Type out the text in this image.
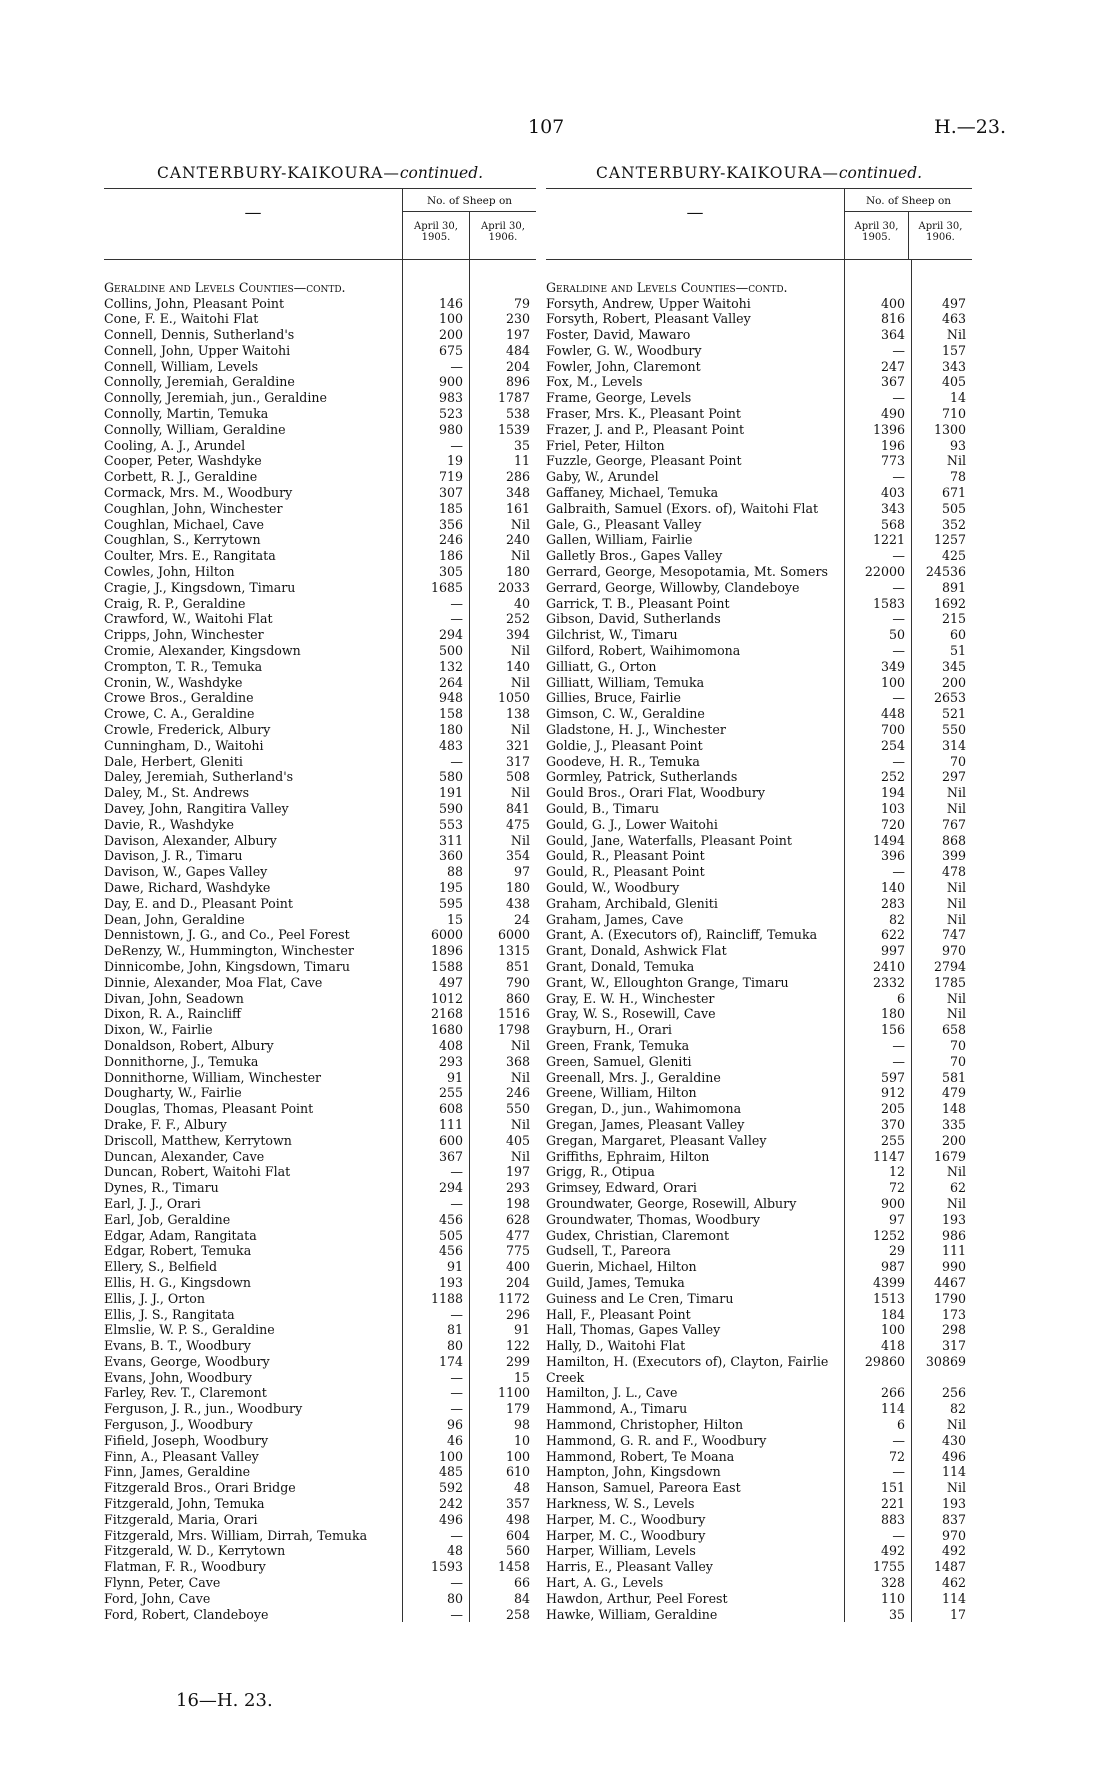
107	H.—23.
CANTERBURY-KAIKOURA—continued.
—
No. of Sheep on
April 30, 1905.
April 30, 1906.
Geraldine and Levels Counties—contd.
Collins, John, Pleasant Point	146	79
Cone, F. E., Waitohi Flat	100	230
Connell, Dennis, Sutherland's	200	197
Connell, John, Upper Waitohi	675	484
Connell, William, Levels	—	204
Connolly, Jeremiah, Geraldine	900	896
Connolly, Jeremiah, jun., Geraldine	983	1787
Connolly, Martin, Temuka	523	538
Connolly, William, Geraldine	980	1539
Cooling, A. J., Arundel	—	35
Cooper, Peter, Washdyke	19	11
Corbett, R. J., Geraldine	719	286
Cormack, Mrs. M., Woodbury	307	348
Coughlan, John, Winchester	185	161
Coughlan, Michael, Cave	356	Nil
Coughlan, S., Kerrytown	246	240
Coulter, Mrs. E., Rangitata	186	Nil
Cowles, John, Hilton	305	180
Cragie, J., Kingsdown, Timaru	1685	2033
Craig, R. P., Geraldine	—	40
Crawford, W., Waitohi Flat	—	252
Cripps, John, Winchester	294	394
Cromie, Alexander, Kingsdown	500	Nil
Crompton, T. R., Temuka	132	140
Cronin, W., Washdyke	264	Nil
Crowe Bros., Geraldine	948	1050
Crowe, C. A., Geraldine	158	138
Crowle, Frederick, Albury	180	Nil
Cunningham, D., Waitohi	483	321
Dale, Herbert, Gleniti	—	317
Daley, Jeremiah, Sutherland's	580	508
Daley, M., St. Andrews	191	Nil
Davey, John, Rangitira Valley	590	841
Davie, R., Washdyke	553	475
Davison, Alexander, Albury	311	Nil
Davison, J. R., Timaru	360	354
Davison, W., Gapes Valley	88	97
Dawe, Richard, Washdyke	195	180
Day, E. and D., Pleasant Point	595	438
Dean, John, Geraldine	15	24
Dennistown, J. G., and Co., Peel Forest	6000	6000
DeRenzy, W., Hummington, Winchester	1896	1315
Dinnicombe, John, Kingsdown, Timaru	1588	851
Dinnie, Alexander, Moa Flat, Cave	497	790
Divan, John, Seadown	1012	860
Dixon, R. A., Raincliff	2168	1516
Dixon, W., Fairlie	1680	1798
Donaldson, Robert, Albury	408	Nil
Donnithorne, J., Temuka	293	368
Donnithorne, William, Winchester	91	Nil
Dougharty, W., Fairlie	255	246
Douglas, Thomas, Pleasant Point	608	550
Drake, F. F., Albury	111	Nil
Driscoll, Matthew, Kerrytown	600	405
Duncan, Alexander, Cave	367	Nil
Duncan, Robert, Waitohi Flat	—	197
Dynes, R., Timaru	294	293
Earl, J. J., Orari	—	198
Earl, Job, Geraldine	456	628
Edgar, Adam, Rangitata	505	477
Edgar, Robert, Temuka	456	775
Ellery, S., Belfield	91	400
Ellis, H. G., Kingsdown	193	204
Ellis, J. J., Orton	1188	1172
Ellis, J. S., Rangitata	—	296
Elmslie, W. P. S., Geraldine	81	91
Evans, B. T., Woodbury	80	122
Evans, George, Woodbury	174	299
Evans, John, Woodbury	—	15
Farley, Rev. T., Claremont	—	1100
Ferguson, J. R., jun., Woodbury	—	179
Ferguson, J., Woodbury	96	98
Fifield, Joseph, Woodbury	46	10
Finn, A., Pleasant Valley	100	100
Finn, James, Geraldine	485	610
Fitzgerald Bros., Orari Bridge	592	48
Fitzgerald, John, Temuka	242	357
Fitzgerald, Maria, Orari	496	498
Fitzgerald, Mrs. William, Dirrah, Temuka	—	604
Fitzgerald, W. D., Kerrytown	48	560
Flatman, F. R., Woodbury	1593	1458
Flynn, Peter, Cave	—	66
Ford, John, Cave	80	84
Ford, Robert, Clandeboye	—	258
CANTERBURY-KAIKOURA—continued.
—
No. of Sheep on
April 30, 1905.
April 30, 1906.
Geraldine and Levels Counties—contd.
Forsyth, Andrew, Upper Waitohi	400	497
Forsyth, Robert, Pleasant Valley	816	463
Foster, David, Mawaro	364	Nil
Fowler, G. W., Woodbury	—	157
Fowler, John, Claremont	247	343
Fox, M., Levels	367	405
Frame, George, Levels	—	14
Fraser, Mrs. K., Pleasant Point	490	710
Frazer, J. and P., Pleasant Point	1396	1300
Friel, Peter, Hilton	196	93
Fuzzle, George, Pleasant Point	773	Nil
Gaby, W., Arundel	—	78
Gaffaney, Michael, Temuka	403	671
Galbraith, Samuel (Exors. of), Waitohi Flat	343	505
Gale, G., Pleasant Valley	568	352
Gallen, William, Fairlie	1221	1257
Galletly Bros., Gapes Valley	—	425
Gerrard, George, Mesopotamia, Mt. Somers	22000	24536
Gerrard, George, Willowby, Clandeboye	—	891
Garrick, T. B., Pleasant Point	1583	1692
Gibson, David, Sutherlands	—	215
Gilchrist, W., Timaru	50	60
Gilford, Robert, Waihimomona	—	51
Gilliatt, G., Orton	349	345
Gilliatt, William, Temuka	100	200
Gillies, Bruce, Fairlie	—	2653
Gimson, C. W., Geraldine	448	521
Gladstone, H. J., Winchester	700	550
Goldie, J., Pleasant Point	254	314
Goodeve, H. R., Temuka	—	70
Gormley, Patrick, Sutherlands	252	297
Gould Bros., Orari Flat, Woodbury	194	Nil
Gould, B., Timaru	103	Nil
Gould, G. J., Lower Waitohi	720	767
Gould, Jane, Waterfalls, Pleasant Point	1494	868
Gould, R., Pleasant Point	396	399
Gould, R., Pleasant Point	—	478
Gould, W., Woodbury	140	Nil
Graham, Archibald, Gleniti	283	Nil
Graham, James, Cave	82	Nil
Grant, A. (Executors of), Raincliff, Temuka	622	747
Grant, Donald, Ashwick Flat	997	970
Grant, Donald, Temuka	2410	2794
Grant, W., Elloughton Grange, Timaru	2332	1785
Gray, E. W. H., Winchester	6	Nil
Gray, W. S., Rosewill, Cave	180	Nil
Grayburn, H., Orari	156	658
Green, Frank, Temuka	—	70
Green, Samuel, Gleniti	—	70
Greenall, Mrs. J., Geraldine	597	581
Greene, William, Hilton	912	479
Gregan, D., jun., Wahimomona	205	148
Gregan, James, Pleasant Valley	370	335
Gregan, Margaret, Pleasant Valley	255	200
Griffiths, Ephraim, Hilton	1147	1679
Grigg, R., Otipua	12	Nil
Grimsey, Edward, Orari	72	62
Groundwater, George, Rosewill, Albury	900	Nil
Groundwater, Thomas, Woodbury	97	193
Gudex, Christian, Claremont	1252	986
Gudsell, T., Pareora	29	111
Guerin, Michael, Hilton	987	990
Guild, James, Temuka	4399	4467
Guiness and Le Cren, Timaru	1513	1790
Hall, F., Pleasant Point	184	173
Hall, Thomas, Gapes Valley	100	298
Hally, D., Waitohi Flat	418	317
Hamilton, H. (Executors of), Clayton, Fairlie	29860	30869
Creek
Hamilton, J. L., Cave	266	256
Hammond, A., Timaru	114	82
Hammond, Christopher, Hilton	6	Nil
Hammond, G. R. and F., Woodbury	—	430
Hammond, Robert, Te Moana	72	496
Hampton, John, Kingsdown	—	114
Hanson, Samuel, Pareora East	151	Nil
Harkness, W. S., Levels	221	193
Harper, M. C., Woodbury	883	837
Harper, M. C., Woodbury	—	970
Harper, William, Levels	492	492
Harris, E., Pleasant Valley	1755	1487
Hart, A. G., Levels	328	462
Hawdon, Arthur, Peel Forest	110	114
Hawke, William, Geraldine	35	17
16—H. 23.
